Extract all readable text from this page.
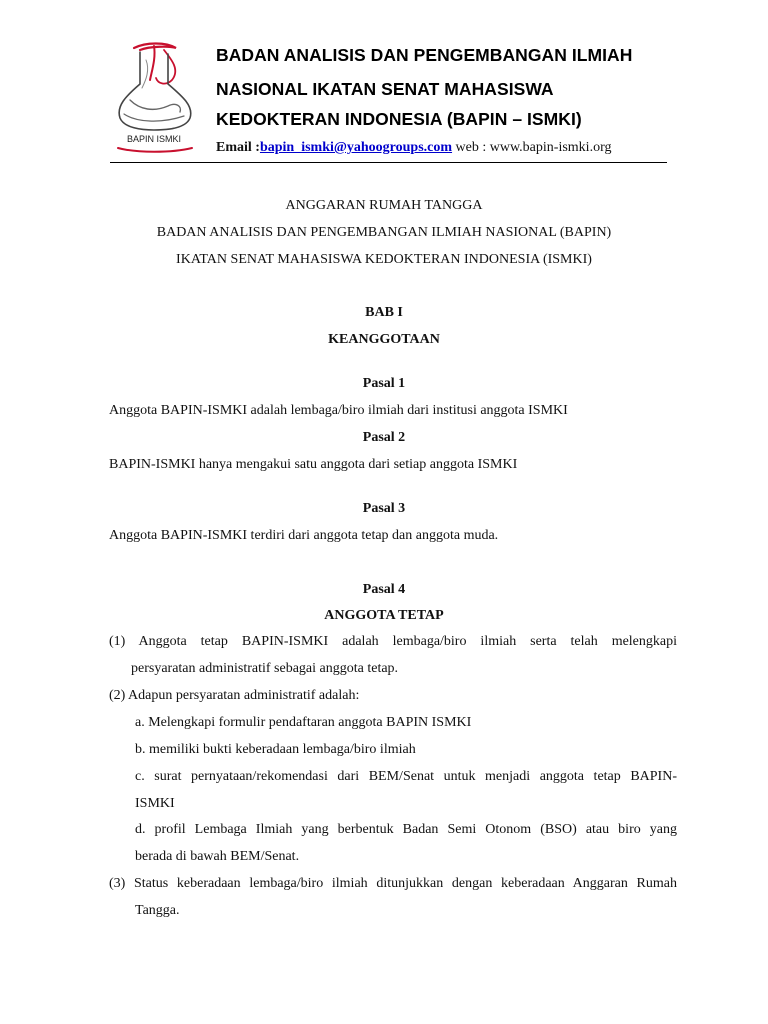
BAPIN ISMKI
BADAN ANALISIS DAN PENGEMBANGAN ILMIAH
NASIONAL IKATAN SENAT MAHASISWA
KEDOKTERAN INDONESIA (BAPIN – ISMKI)
Email :bapin_ismki@yahoogroups.com web : www.bapin-ismki.org
ANGGARAN RUMAH TANGGA
BADAN ANALISIS DAN PENGEMBANGAN ILMIAH NASIONAL (BAPIN)
IKATAN SENAT MAHASISWA KEDOKTERAN INDONESIA (ISMKI)
BAB I
KEANGGOTAAN
Pasal 1
Anggota BAPIN-ISMKI adalah lembaga/biro ilmiah dari institusi anggota ISMKI
Pasal 2
BAPIN-ISMKI hanya mengakui satu anggota dari setiap anggota ISMKI
Pasal 3
Anggota BAPIN-ISMKI terdiri dari anggota tetap dan anggota muda.
Pasal 4
ANGGOTA TETAP
(1) Anggota tetap BAPIN-ISMKI adalah lembaga/biro ilmiah serta telah melengkapi
persyaratan administratif sebagai anggota tetap.
(2) Adapun persyaratan administratif adalah:
a. Melengkapi formulir pendaftaran anggota BAPIN ISMKI
b. memiliki bukti keberadaan lembaga/biro ilmiah
c. surat pernyataan/rekomendasi dari BEM/Senat untuk menjadi anggota tetap BAPIN-
ISMKI
d. profil Lembaga Ilmiah yang berbentuk Badan Semi Otonom (BSO) atau biro yang
berada di bawah BEM/Senat.
(3) Status keberadaan lembaga/biro ilmiah ditunjukkan dengan keberadaan Anggaran Rumah
Tangga.
